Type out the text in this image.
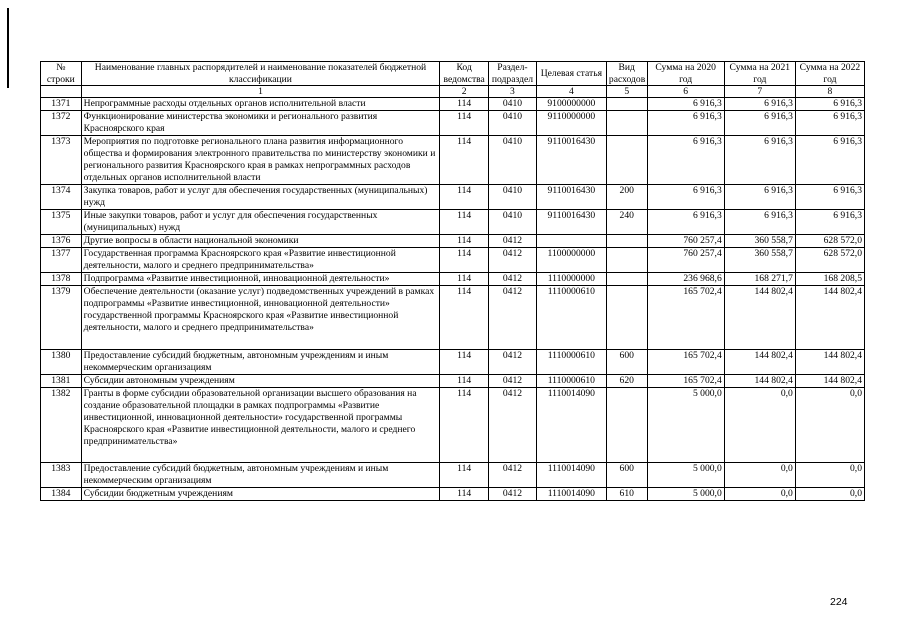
№ строки	Наименование главных распорядителей и наименование показателей бюджетной классификации	Код ведомства	Раздел-подраздел	Целевая статья	Вид расходов	Сумма на 2020 год	Сумма на 2021 год	Сумма на 2022 год
	1	2	3	4	5	6	7	8
1371	Непрограммные расходы отдельных органов исполнительной власти	114	0410	9100000000		6 916,3	6 916,3	6 916,3
1372	Функционирование министерства экономики и регионального развития Красноярского края	114	0410	9110000000		6 916,3	6 916,3	6 916,3
1373	Мероприятия по подготовке регионального плана развития информационного общества и формирования электронного правительства по министерству экономики и регионального развития Красноярского края в рамках непрограммных расходов отдельных органов исполнительной власти	114	0410	9110016430		6 916,3	6 916,3	6 916,3
1374	Закупка товаров, работ и услуг для обеспечения государственных (муниципальных) нужд	114	0410	9110016430	200	6 916,3	6 916,3	6 916,3
1375	Иные закупки товаров, работ и услуг для обеспечения государственных (муниципальных) нужд	114	0410	9110016430	240	6 916,3	6 916,3	6 916,3
1376	Другие вопросы в области национальной экономики	114	0412			760 257,4	360 558,7	628 572,0
1377	Государственная программа Красноярского края «Развитие инвестиционной деятельности, малого и среднего предпринимательства»	114	0412	1100000000		760 257,4	360 558,7	628 572,0
1378	Подпрограмма «Развитие инвестиционной, инновационной деятельности»	114	0412	1110000000		236 968,6	168 271,7	168 208,5
1379	Обеспечение деятельности (оказание услуг) подведомственных учреждений в рамках подпрограммы «Развитие инвестиционной, инновационной деятельности» государственной программы Красноярского края «Развитие инвестиционной деятельности, малого и среднего предпринимательства»	114	0412	1110000610		165 702,4	144 802,4	144 802,4
1380	Предоставление субсидий бюджетным, автономным учреждениям и иным некоммерческим организациям	114	0412	1110000610	600	165 702,4	144 802,4	144 802,4
1381	Субсидии автономным учреждениям	114	0412	1110000610	620	165 702,4	144 802,4	144 802,4
1382	Гранты в форме субсидии образовательной организации высшего образования на создание образовательной площадки в рамках подпрограммы «Развитие инвестиционной, инновационной деятельности» государственной программы Красноярского края «Развитие инвестиционной деятельности, малого и среднего предпринимательства»	114	0412	1110014090		5 000,0	0,0	0,0
1383	Предоставление субсидий бюджетным, автономным учреждениям и иным некоммерческим организациям	114	0412	1110014090	600	5 000,0	0,0	0,0
1384	Субсидии бюджетным учреждениям	114	0412	1110014090	610	5 000,0	0,0	0,0
224
